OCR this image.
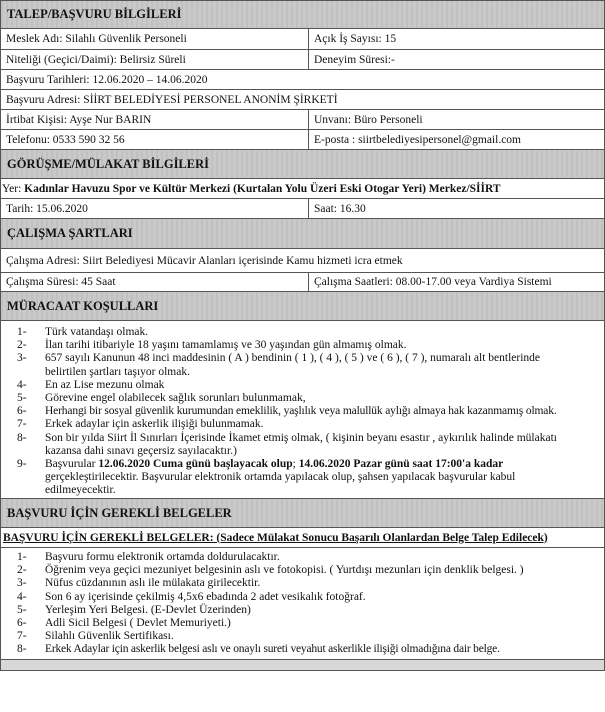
TALEP/BAŞVURU BİLGİLERİ
Meslek Adı: Silahlı Güvenlik Personeli	Açık İş Sayısı: 15
Niteliği (Geçici/Daimi): Belirsiz Süreli	Deneyim Süresi:-
Başvuru Tarihleri: 12.06.2020 – 14.06.2020
Başvuru Adresi: SİİRT BELEDİYESİ PERSONEL ANONİM ŞİRKETİ
İrtibat Kişisi: Ayşe Nur BARIN	Unvanı: Büro Personeli
Telefonu: 0533 590 32 56	E-posta : siirtbelediyesipersonel@gmail.com
GÖRÜŞME/MÜLAKAT BİLGİLERİ
Yer:
Kadınlar Havuzu Spor ve Kültür Merkezi (Kurtalan Yolu Üzeri Eski Otogar Yeri) Merkez/SİİRT
Tarih: 15.06.2020	Saat: 16.30
ÇALIŞMA ŞARTLARI
Çalışma Adresi: Siirt Belediyesi Mücavir Alanları içerisinde Kamu hizmeti icra etmek
Çalışma Süresi: 45 Saat	Çalışma Saatleri: 08.00-17.00 veya Vardiya Sistemi
MÜRACAAT KOŞULLARI
1-	Türk vatandaşı olmak.
2-	İlan tarihi itibariyle 18 yaşını tamamlamış ve 30 yaşından gün almamış olmak.
3-	657 sayılı Kanunun 48 inci maddesinin ( A ) bendinin ( 1 ), ( 4 ), ( 5 ) ve ( 6 ), ( 7 ), numaralı alt bentlerinde
belirtilen şartları taşıyor olmak.
4-	En az Lise mezunu olmak
5-	Görevine engel olabilecek sağlık sorunları bulunmamak,
6-	Herhangi bir sosyal güvenlik kurumundan emeklilik, yaşlılık veya malullük aylığı almaya hak kazanmamış olmak.
7-	Erkek adaylar için askerlik ilişiği bulunmamak.
8-	Son bir yılda Siirt İl Sınırları İçerisinde İkamet etmiş olmak, ( kişinin beyanı esastır , aykırılık halinde mülakatı
kazansa dahi sınavı geçersiz sayılacaktır.)
9-	Başvurular 12.06.2020 Cuma günü başlayacak olup; 14.06.2020 Pazar günü saat 17:00'a kadar
gerçekleştirilecektir. Başvurular elektronik ortamda yapılacak olup, şahsen yapılacak başvurular kabul
edilmeyecektir.
BAŞVURU İÇİN GEREKLİ BELGELER
BAŞVURU İÇİN GEREKLİ BELGELER: (Sadece Mülakat Sonucu Başarılı Olanlardan Belge Talep Edilecek)
1-	Başvuru formu elektronik ortamda doldurulacaktır.
2-	Öğrenim veya geçici mezuniyet belgesinin aslı ve fotokopisi. ( Yurtdışı mezunları için denklik belgesi. )
3-	Nüfus cüzdanının aslı ile mülakata girilecektir.
4-	Son 6 ay içerisinde çekilmiş 4,5x6 ebadında 2 adet vesikalık fotoğraf.
5-	Yerleşim Yeri Belgesi. (E-Devlet Üzerinden)
6-	Adli Sicil Belgesi ( Devlet Memuriyeti.)
7-	Silahlı Güvenlik Sertifikası.
8-	Erkek Adaylar için askerlik belgesi aslı ve onaylı sureti veyahut askerlikle ilişiği olmadığına dair belge.
